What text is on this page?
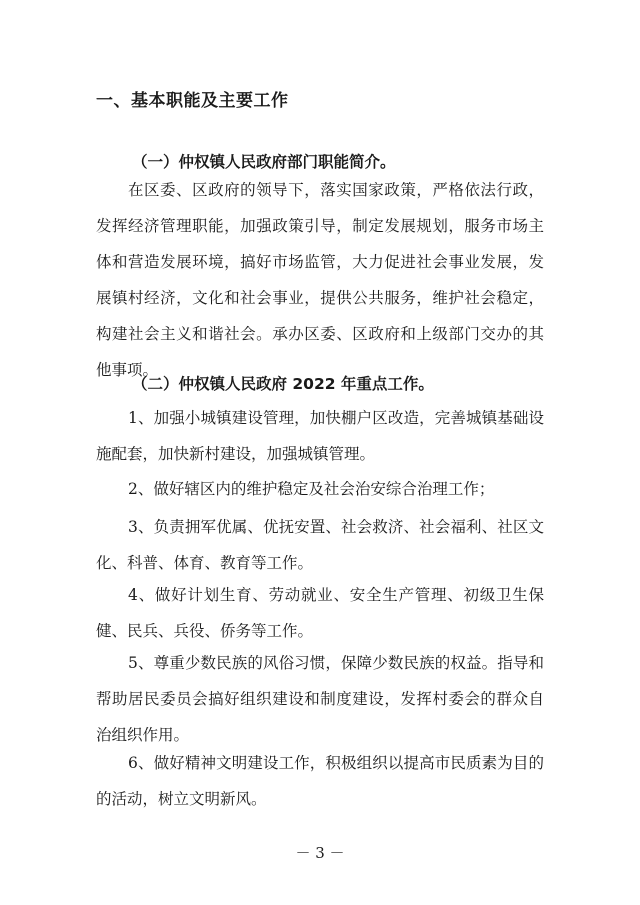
一、基本职能及主要工作
（一）仲权镇人民政府部门职能简介。

在区委、区政府的领导下，落实国家政策，严格依法行政，发挥经济管理职能，加强政策引导，制定发展规划，服务市场主体和营造发展环境，搞好市场监管，大力促进社会事业发展，发展镇村经济，文化和社会事业，提供公共服务，维护社会稳定，构建社会主义和谐社会。承办区委、区政府和上级部门交办的其他事项。

（二）仲权镇人民政府 2022 年重点工作。

1、加强小城镇建设管理，加快棚户区改造，完善城镇基础设施配套，加快新村建设，加强城镇管理。

2、做好辖区内的维护稳定及社会治安综合治理工作；

3、负责拥军优属、优抚安置、社会救济、社会福利、社区文化、科普、体育、教育等工作。

4、做好计划生育、劳动就业、安全生产管理、初级卫生保健、民兵、兵役、侨务等工作。

5、尊重少数民族的风俗习惯，保障少数民族的权益。指导和帮助居民委员会搞好组织建设和制度建设，发挥村委会的群众自治组织作用。

6、做好精神文明建设工作，积极组织以提高市民质素为目的的活动，树立文明新风。

－ 3 －
